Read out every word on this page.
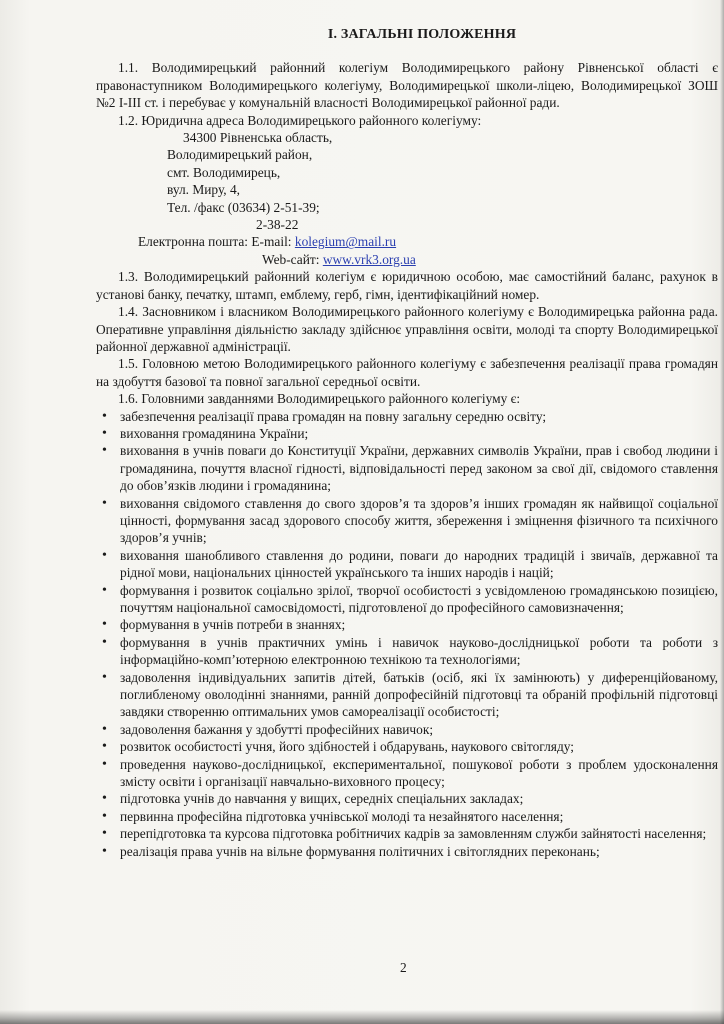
І. ЗАГАЛЬНІ ПОЛОЖЕННЯ

1.1. Володимирецький районний колегіум Володимирецького району Рівненської області є правонаступником Володимирецького колегіуму, Володимирецької школи-ліцею, Володимирецької ЗОШ №2 І-ІІІ ст. і перебуває у комунальній власності Володимирецької районної ради.

1.2. Юридична адреса Володимирецького районного колегіуму:

34300 Рівненська область,

Володимирецький район,

смт. Володимирець,

вул. Миру, 4,

Тел. /факс (03634) 2-51-39;

2-38-22

Електронна пошта: E-mail: kolegium@mail.ru

Web-сайт: www.vrk3.org.ua

1.3. Володимирецький районний колегіум є юридичною особою, має самостійний баланс, рахунок в установі банку, печатку, штамп, емблему, герб, гімн, ідентифікаційний номер.

1.4. Засновником і власником Володимирецького районного колегіуму є Володимирецька районна рада. Оперативне управління діяльністю закладу здійснює управління освіти, молоді та спорту Володимирецької районної державної адміністрації.

1.5. Головною метою Володимирецького районного колегіуму є забезпечення реалізації права громадян на здобуття базової та повної загальної середньої освіти.

1.6. Головними завданнями Володимирецького районного колегіуму є:

• забезпечення реалізації права громадян на повну загальну середню освіту;
• виховання громадянина України;
• виховання в учнів поваги до Конституції України, державних символів України, прав і свобод людини і громадянина, почуття власної гідності, відповідальності перед законом за свої дії, свідомого ставлення до обов’язків людини і громадянина;
• виховання свідомого ставлення до свого здоров’я та здоров’я інших громадян як найвищої соціальної цінності, формування засад здорового способу життя, збереження і зміцнення фізичного та психічного здоров’я учнів;
• виховання шанобливого ставлення до родини, поваги до народних традицій і звичаїв, державної та рідної мови, національних цінностей українського та інших народів і націй;
• формування і розвиток соціально зрілої, творчої особистості з усвідомленою громадянською позицією, почуттям національної самосвідомості, підготовленої до професійного самовизначення;
• формування в учнів потреби в знаннях;
• формування в учнів практичних умінь і навичок науково-дослідницької роботи та роботи з інформаційно-комп’ютерною електронною технікою та технологіями;
• задоволення індивідуальних запитів дітей, батьків (осіб, які їх замінюють) у диференційованому, поглибленому оволодінні знаннями, ранній допрофесійній підготовці та обраній профільній підготовці завдяки створенню оптимальних умов самореалізації особистості;
• задоволення бажання у здобутті професійних навичок;
• розвиток особистості учня, його здібностей і обдарувань, наукового світогляду;
• проведення науково-дослідницької, експериментальної, пошукової роботи з проблем удосконалення змісту освіти і організації навчально-виховного процесу;
• підготовка учнів до навчання у вищих, середніх спеціальних закладах;
• первинна професійна підготовка учнівської молоді та незайнятого населення;
• перепідготовка та курсова підготовка робітничих кадрів за замовленням служби зайнятості населення;
• реалізація права учнів на вільне формування політичних і світоглядних переконань;
2
